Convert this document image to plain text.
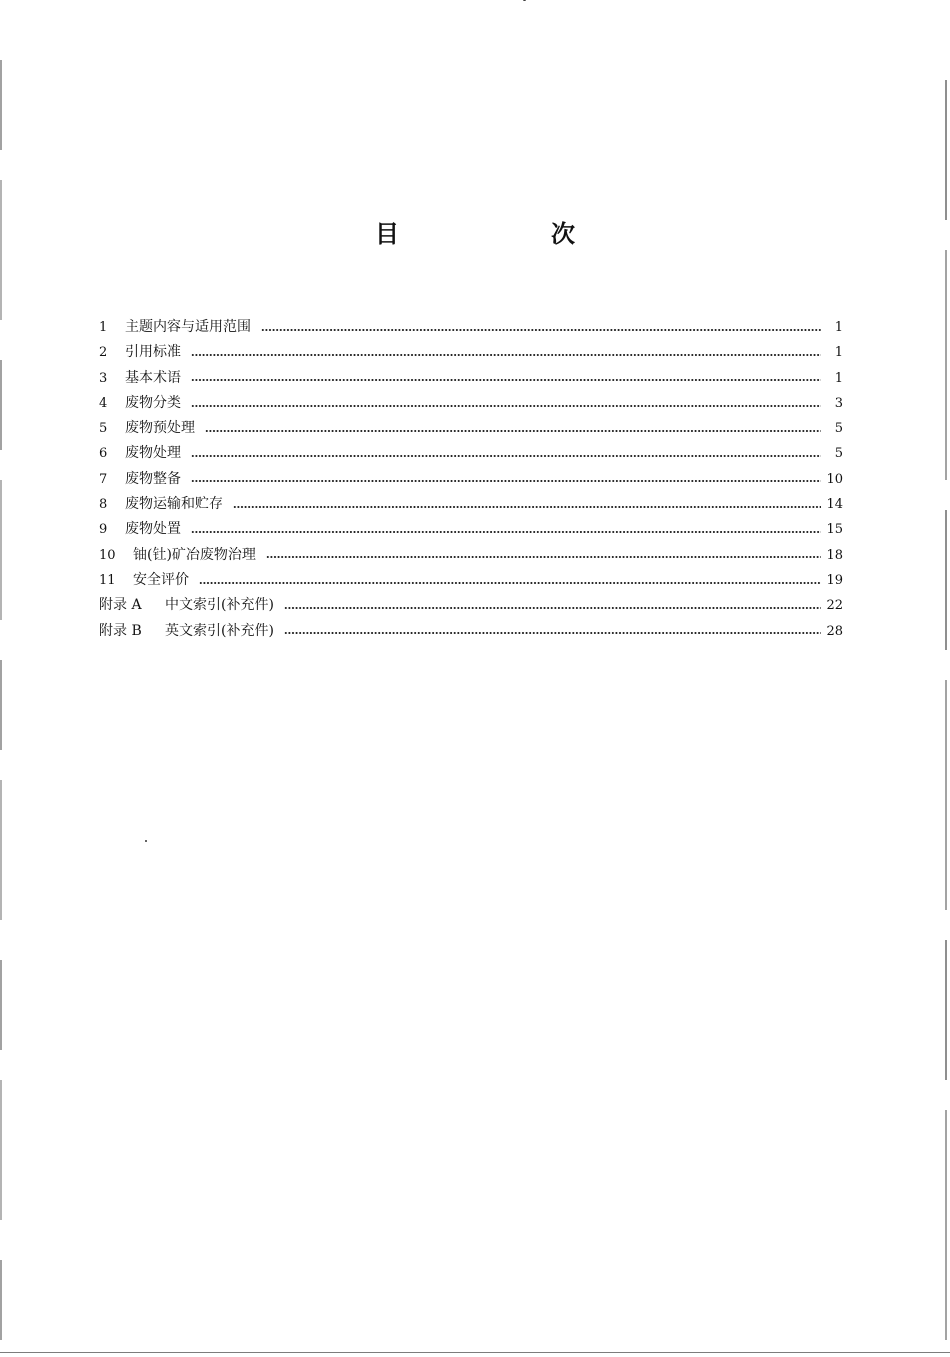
目　次
1	主题内容与适用范围	1
2	引用标准	1
3	基本术语	1
4	废物分类	3
5	废物预处理	5
6	废物处理	5
7	废物整备	10
8	废物运输和贮存	14
9	废物处置	15
10	铀(钍)矿冶废物治理	18
11	安全评价	19
附录 A	中文索引(补充件)	22
附录 B	英文索引(补充件)	28
